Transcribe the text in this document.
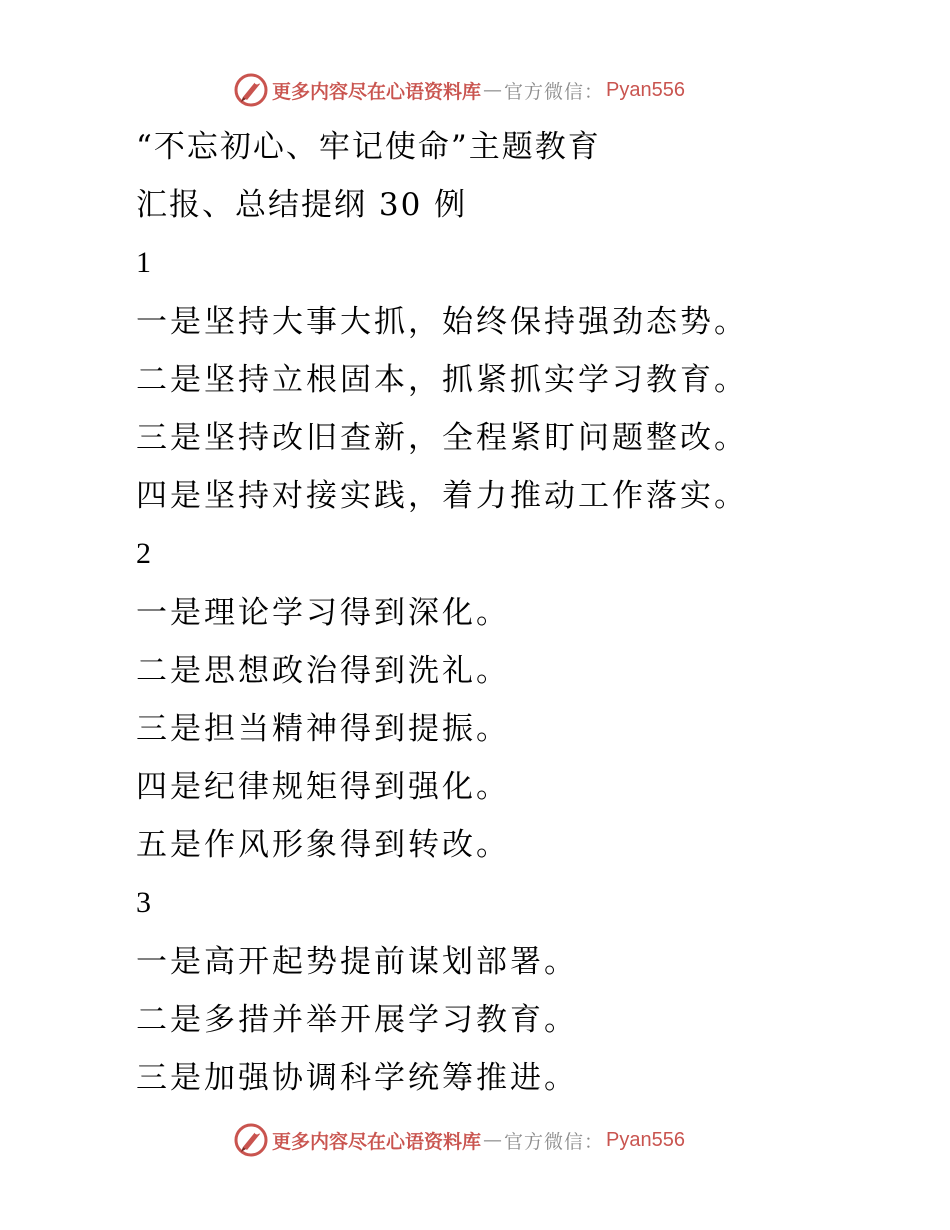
更多内容尽在心语资料库 — 官方微信： Pyan556
“不忘初心、牢记使命”主题教育
汇报、总结提纲 30 例
1
一是坚持大事大抓，始终保持强劲态势。
二是坚持立根固本，抓紧抓实学习教育。
三是坚持改旧查新，全程紧盯问题整改。
四是坚持对接实践，着力推动工作落实。
2
一是理论学习得到深化。
二是思想政治得到洗礼。
三是担当精神得到提振。
四是纪律规矩得到强化。
五是作风形象得到转改。
3
一是高开起势提前谋划部署。
二是多措并举开展学习教育。
三是加强协调科学统筹推进。
更多内容尽在心语资料库 — 官方微信： Pyan556
